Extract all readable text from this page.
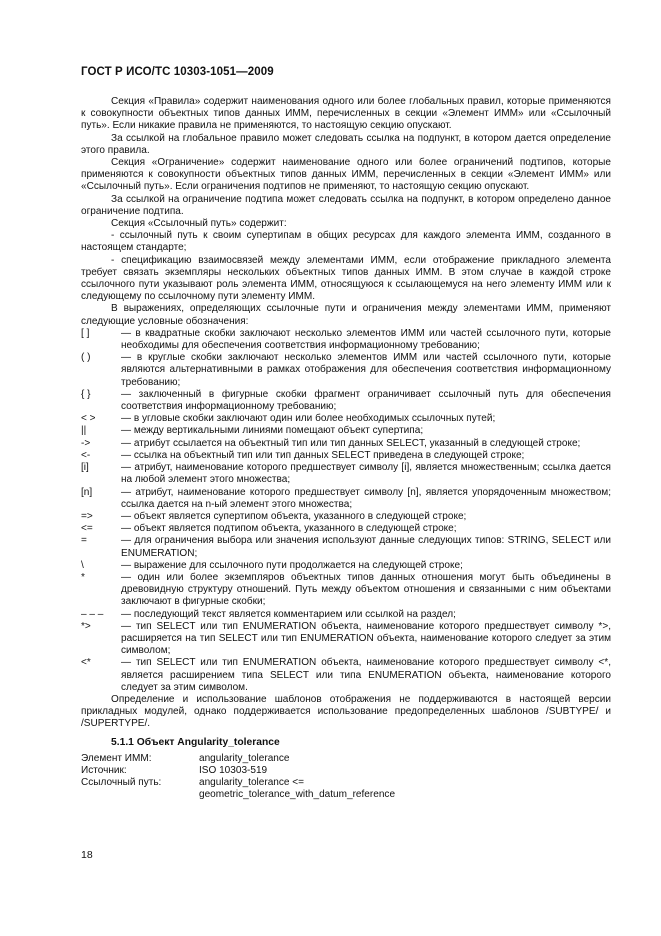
ГОСТ Р ИСО/ТС 10303-1051—2009

Секция «Правила» содержит наименования одного или более глобальных правил, которые применяются к совокупности объектных типов данных ИММ, перечисленных в секции «Элемент ИММ» или «Ссылочный путь». Если никакие правила не применяются, то настоящую секцию опускают.

За ссылкой на глобальное правило может следовать ссылка на подпункт, в котором дается определение этого правила.

Секция «Ограничение» содержит наименование одного или более ограничений подтипов, которые применяются к совокупности объектных типов данных ИММ, перечисленных в секции «Элемент ИММ» или «Ссылочный путь». Если ограничения подтипов не применяют, то настоящую секцию опускают.

За ссылкой на ограничение подтипа может следовать ссылка на подпункт, в котором определено данное ограничение подтипа.

Секция «Ссылочный путь» содержит:

- ссылочный путь к своим супертипам в общих ресурсах для каждого элемента ИММ, созданного в настоящем стандарте;

- спецификацию взаимосвязей между элементами ИММ, если отображение прикладного элемента требует связать экземпляры нескольких объектных типов данных ИММ. В этом случае в каждой строке ссылочного пути указывают роль элемента ИММ, относящуюся к ссылающемуся на него элементу ИММ или к следующему по ссылочному пути элементу ИММ.

В выражениях, определяющих ссылочные пути и ограничения между элементами ИММ, применяют следующие условные обозначения:

[ ]	— в квадратные скобки заключают несколько элементов ИММ или частей ссылочного пути, которые необходимы для обеспечения соответствия информационному требованию;
( )	— в круглые скобки заключают несколько элементов ИММ или частей ссылочного пути, которые являются альтернативными в рамках отображения для обеспечения соответствия информационному требованию;
{ }	— заключенный в фигурные скобки фрагмент ограничивает ссылочный путь для обеспечения соответствия информационному требованию;
< >	— в угловые скобки заключают один или более необходимых ссылочных путей;
||	— между вертикальными линиями помещают объект супертипа;
->	— атрибут ссылается на объектный тип или тип данных SELECT, указанный в следующей строке;
<-	— ссылка на объектный тип или тип данных SELECT приведена в следующей строке;
[i]	— атрибут, наименование которого предшествует символу [i], является множественным; ссылка дается на любой элемент этого множества;
[n]	— атрибут, наименование которого предшествует символу [n], является упорядоченным множеством; ссылка дается на n-ый элемент этого множества;
=>	— объект является супертипом объекта, указанного в следующей строке;
<=	— объект является подтипом объекта, указанного в следующей строке;
=	— для ограничения выбора или значения используют данные следующих типов: STRING, SELECT или ENUMERATION;
\	— выражение для ссылочного пути продолжается на следующей строке;
*	— один или более экземпляров объектных типов данных отношения могут быть объединены в древовидную структуру отношений. Путь между объектом отношения и связанными с ним объектами заключают в фигурные скобки;
– – –	— последующий текст является комментарием или ссылкой на раздел;
*>	— тип SELECT или тип ENUMERATION объекта, наименование которого предшествует символу *>, расширяется на тип SELECT или тип ENUMERATION объекта, наименование которого следует за этим символом;
<*	— тип SELECT или тип ENUMERATION объекта, наименование которого предшествует символу <*, является расширением типа SELECT или типа ENUMERATION объекта, наименование которого следует за этим символом.

Определение и использование шаблонов отображения не поддерживаются в настоящей версии прикладных модулей, однако поддерживается использование предопределенных шаблонов /SUBTYPE/ и /SUPERTYPE/.

5.1.1 Объект Angularity_tolerance
Элемент ИММ:	angularity_tolerance
Источник:	ISO 10303-519
Ссылочный путь:	angularity_tolerance <=
geometric_tolerance_with_datum_reference
18
